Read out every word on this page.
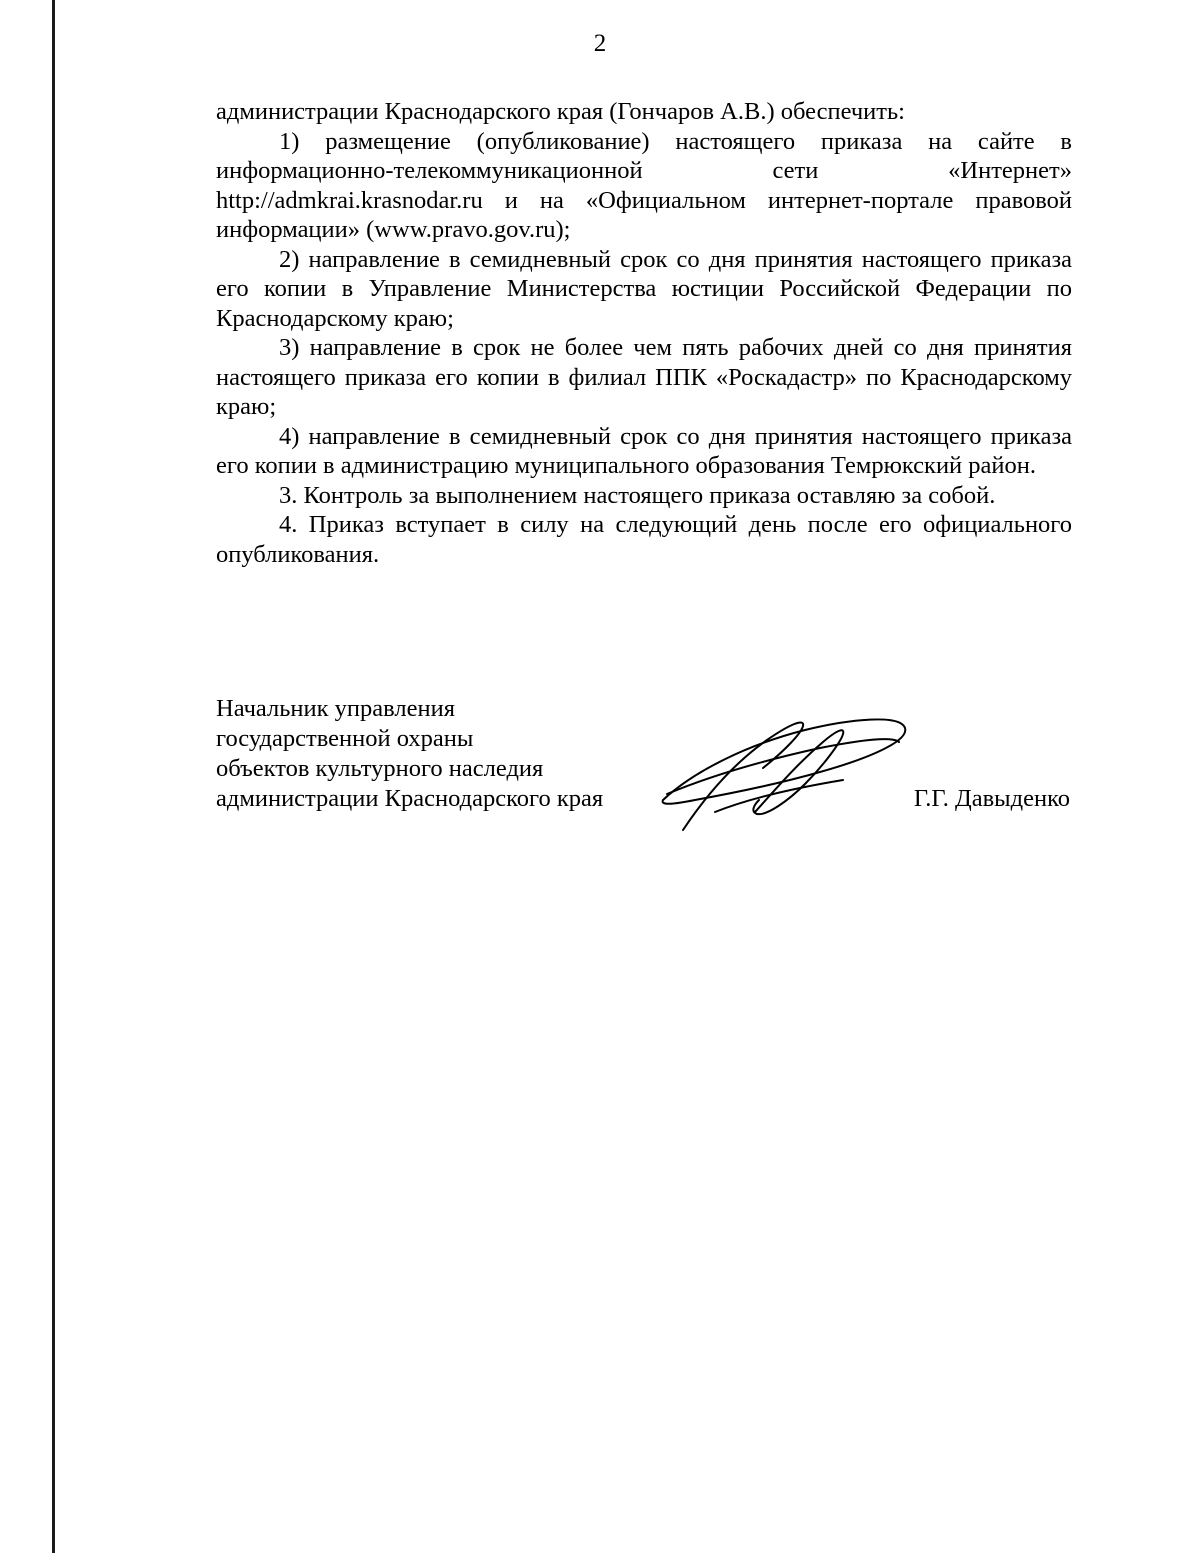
2

администрации Краснодарского края (Гончаров А.В.) обеспечить:

1) размещение (опубликование) настоящего приказа на сайте в информационно-телекоммуникационной сети «Интернет» http://admkrai.krasnodar.ru и на «Официальном интернет-портале правовой информации» (www.pravo.gov.ru);

2) направление в семидневный срок со дня принятия настоящего приказа его копии в Управление Министерства юстиции Российской Федерации по Краснодарскому краю;

3) направление в срок не более чем пять рабочих дней со дня принятия настоящего приказа его копии в филиал ППК «Роскадастр» по Краснодарскому краю;

4) направление в семидневный срок со дня принятия настоящего приказа его копии в администрацию муниципального образования Темрюкский район.

3. Контроль за выполнением настоящего приказа оставляю за собой.

4. Приказ вступает в силу на следующий день после его официального опубликования.

Начальник управления
государственной охраны
объектов культурного наследия
администрации Краснодарского края	Г.Г. Давыденко
